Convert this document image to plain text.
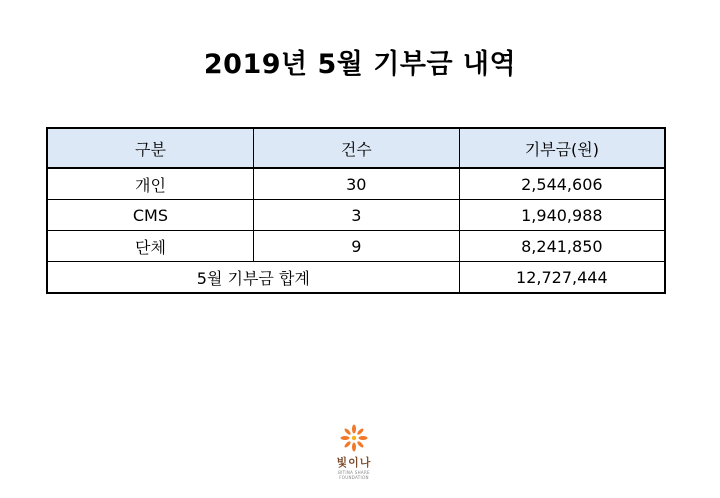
2019년 5월 기부금 내역
구분	건수	기부금(원)
개인	30	2,544,606
CMS	3	1,940,988
단체	9	8,241,850
5월 기부금 합계		12,727,444
빛이나
BITINA SHARE FOUNDATION
